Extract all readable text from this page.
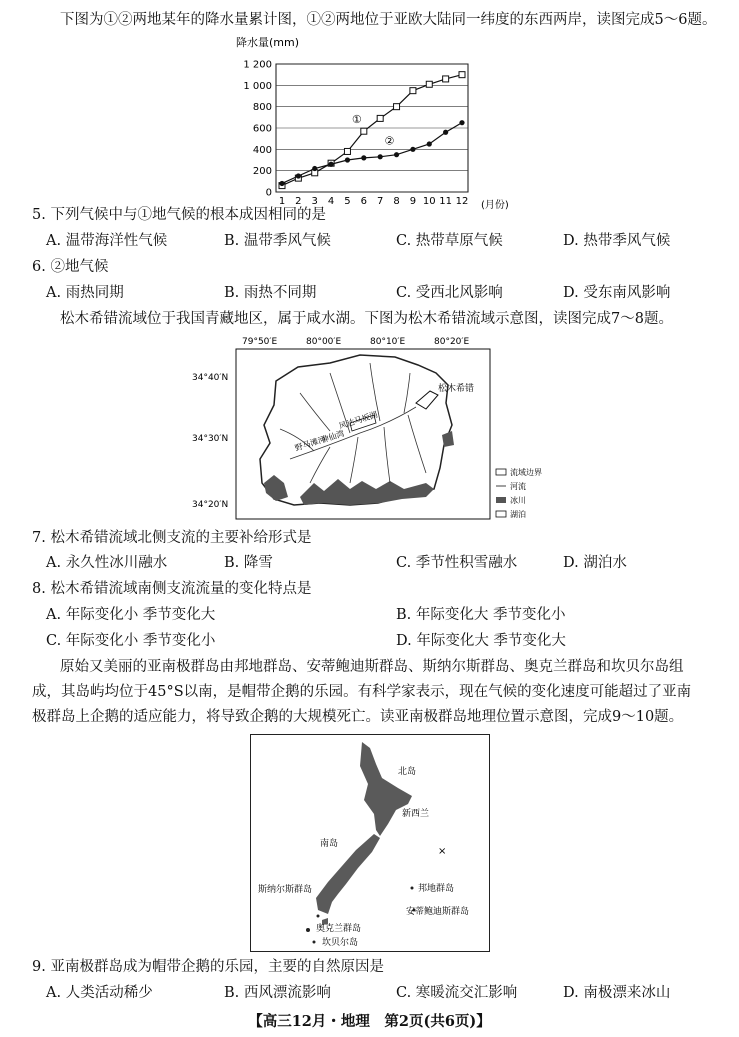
下图为①②两地某年的降水量累计图，①②两地位于亚欧大陆同一纬度的东西两岸，读图完成5～6题。
降水量(mm)
0
200
400
600
800
1 000
1 200
1 2 3 4 5 6 7 8 9 10 11 12
①
②
(月份)
5. 下列气候中与①地气候的根本成因相同的是
A. 温带海洋性气候	B. 温带季风气候	C. 热带草原气候	D. 热带季风气候
6. ②地气候
A. 雨热同期	B. 雨热不同期	C. 受西北风影响	D. 受东南风影响
松木希错流域位于我国青藏地区，属于咸水湖。下图为松木希错流域示意图，读图完成7～8题。
79°50′E	80°00′E	80°10′E	80°20′E
34°40′N
34°30′N
34°20′N
松木希错
野马滩河
神仙湾
风达马坂湖
流域边界
河流
冰川
湖泊
7. 松木希错流域北侧支流的主要补给形式是
A. 永久性冰川融水	B. 降雪	C. 季节性积雪融水	D. 湖泊水
8. 松木希错流域南侧支流流量的变化特点是
A. 年际变化小 季节变化大	B. 年际变化大 季节变化小
C. 年际变化小 季节变化小	D. 年际变化大 季节变化大
原始又美丽的亚南极群岛由邦地群岛、安蒂鲍迪斯群岛、斯纳尔斯群岛、奥克兰群岛和坎贝尔岛组成，其岛屿均位于45°S以南，是帽带企鹅的乐园。有科学家表示，现在气候的变化速度可能超过了亚南极群岛上企鹅的适应能力，将导致企鹅的大规模死亡。读亚南极群岛地理位置示意图，完成9～10题。
×
北岛
南岛
新西兰
斯纳尔斯群岛	邦地群岛
安蒂鲍迪斯群岛
奥克兰群岛
坎贝尔岛
9. 亚南极群岛成为帽带企鹅的乐园，主要的自然原因是
A. 人类活动稀少	B. 西风漂流影响	C. 寒暖流交汇影响	D. 南极漂来冰山
【高三12月・地理　第2页(共6页)】
